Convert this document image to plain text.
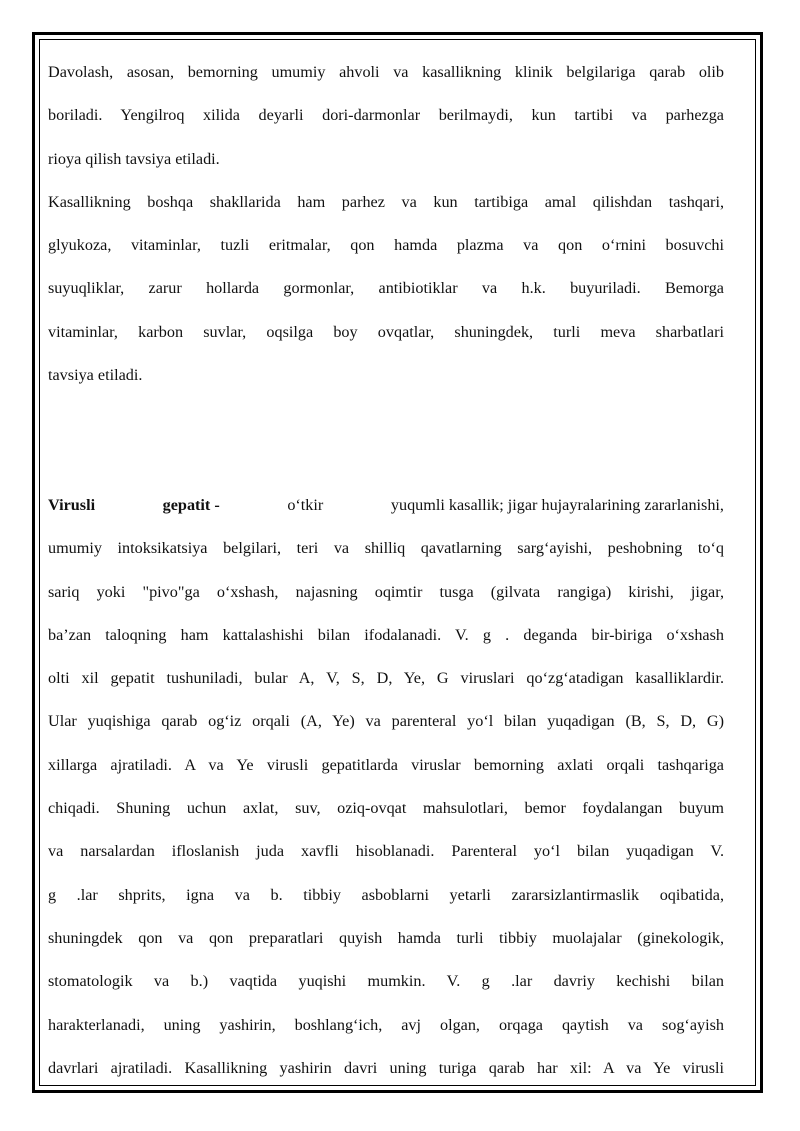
Davolash, asosan, bemorning umumiy ahvoli va kasallikning klinik belgilariga qarab olib

boriladi. Yengilroq xilida deyarli dori-darmonlar berilmaydi, kun tartibi va parhezga

rioya qilish tavsiya etiladi.

Kasallikning boshqa shakllarida ham parhez va kun tartibiga amal qilishdan tashqari,

glyukoza, vitaminlar, tuzli eritmalar, qon hamda plazma va qon o‘rnini bosuvchi

suyuqliklar, zarur hollarda gormonlar, antibiotiklar va h.k. buyuriladi. Bemorga

vitaminlar, karbon suvlar, oqsilga boy ovqatlar, shuningdek, turli meva sharbatlari

tavsiya etiladi.

Virusli	gepatit -	o‘tkir	yuqumli kasallik; jigar hujayralarining zararlanishi,

umumiy intoksikatsiya belgilari, teri va shilliq qavatlarning sarg‘ayishi, peshobning to‘q

sariq yoki "pivo"ga o‘xshash, najasning oqimtir tusga (gilvata rangiga) kirishi, jigar,

ba’zan taloqning ham kattalashishi bilan ifodalanadi. V. g . deganda bir-biriga o‘xshash

olti xil gepatit tushuniladi, bular A, V, S, D, Ye, G viruslari qo‘zg‘atadigan kasalliklardir.

Ular yuqishiga qarab og‘iz orqali (A, Ye) va parenteral yo‘l bilan yuqadigan (B, S, D, G)

xillarga ajratiladi. A va Ye virusli gepatitlarda viruslar bemorning axlati orqali tashqariga

chiqadi. Shuning uchun axlat, suv, oziq-ovqat mahsulotlari, bemor foydalangan buyum

va narsalardan ifloslanish juda xavfli hisoblanadi. Parenteral yo‘l bilan yuqadigan V.

g .lar shprits, igna va b. tibbiy asboblarni yetarli zararsizlantirmaslik oqibatida,

shuningdek qon va qon preparatlari quyish hamda turli tibbiy muolajalar (ginekologik,

stomatologik va b.) vaqtida yuqishi mumkin. V. g .lar davriy kechishi bilan

harakterlanadi, uning yashirin, boshlang‘ich, avj olgan, orqaga qaytish va sog‘ayish

davrlari ajratiladi. Kasallikning yashirin davri uning turiga qarab har xil: A va Ye virusli
